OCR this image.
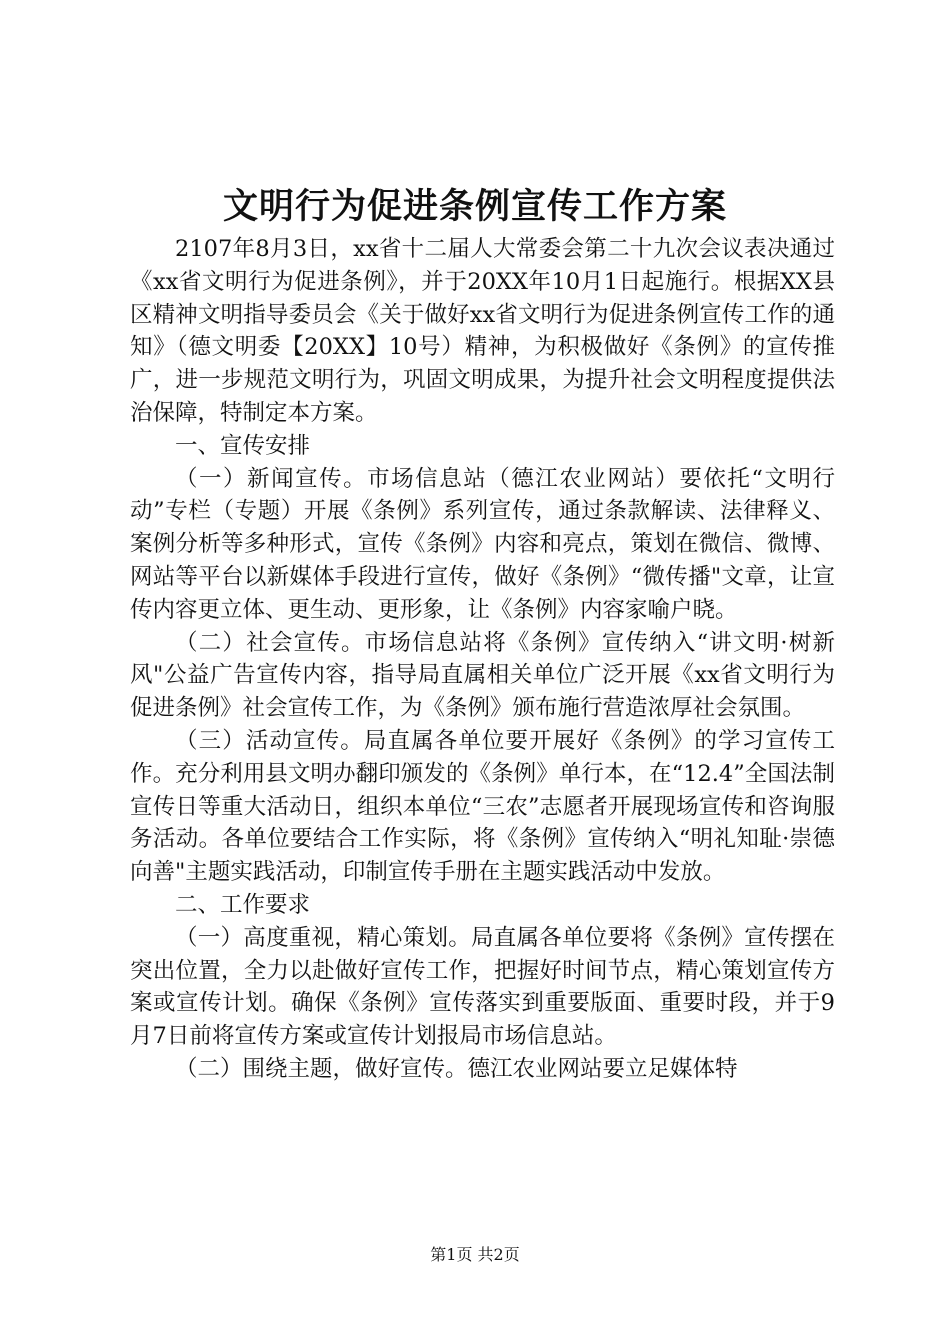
文明行为促进条例宣传工作方案

2107年8月3日，xx省十二届人大常委会第二十九次会议表决通过《xx省文明行为促进条例》，并于20XX年10月1日起施行。根据XX县区精神文明指导委员会《关于做好xx省文明行为促进条例宣传工作的通知》（德文明委【20XX】10号）精神，为积极做好《条例》的宣传推广，进一步规范文明行为，巩固文明成果，为提升社会文明程度提供法治保障，特制定本方案。

一、宣传安排

（一）新闻宣传。市场信息站（德江农业网站）要依托“文明行动”专栏（专题）开展《条例》系列宣传，通过条款解读、法律释义、案例分析等多种形式，宣传《条例》内容和亮点，策划在微信、微博、网站等平台以新媒体手段进行宣传，做好《条例》“微传播"文章，让宣传内容更立体、更生动、更形象，让《条例》内容家喻户晓。

（二）社会宣传。市场信息站将《条例》宣传纳入“讲文明·树新风"公益广告宣传内容，指导局直属相关单位广泛开展《xx省文明行为促进条例》社会宣传工作，为《条例》颁布施行营造浓厚社会氛围。

（三）活动宣传。局直属各单位要开展好《条例》的学习宣传工作。充分利用县文明办翻印颁发的《条例》单行本，在“12.4”全国法制宣传日等重大活动日，组织本单位“三农”志愿者开展现场宣传和咨询服务活动。各单位要结合工作实际，将《条例》宣传纳入“明礼知耻·崇德向善"主题实践活动，印制宣传手册在主题实践活动中发放。

二、工作要求

（一）高度重视，精心策划。局直属各单位要将《条例》宣传摆在突出位置，全力以赴做好宣传工作，把握好时间节点，精心策划宣传方案或宣传计划。确保《条例》宣传落实到重要版面、重要时段，并于9月7日前将宣传方案或宣传计划报局市场信息站。

（二）围绕主题，做好宣传。德江农业网站要立足媒体特

第1页 共2页
